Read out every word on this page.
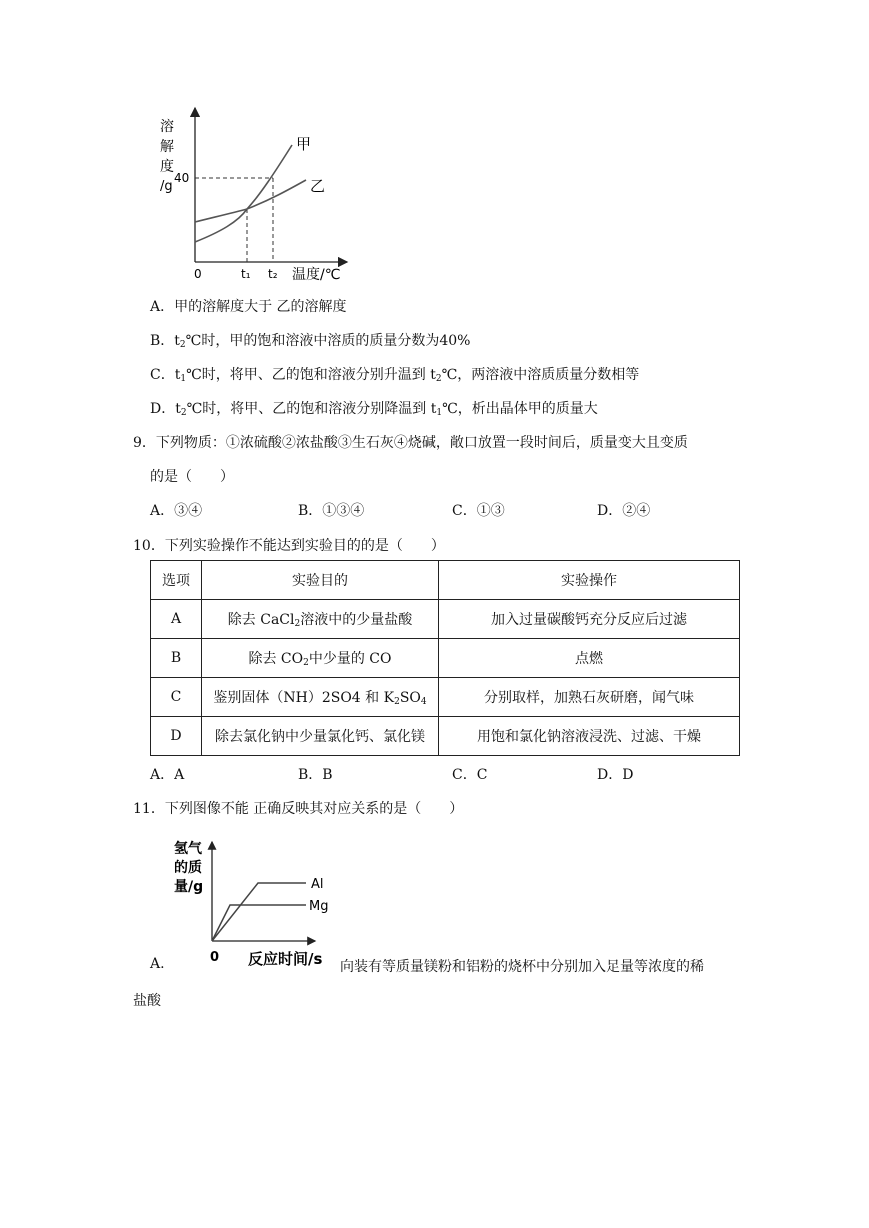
溶
解
度
/g
40
甲
乙
0	t₁ t₂ 温度/℃
A．甲的溶解度大于 乙的溶解度
B．$t_2℃$时，甲的饱和溶液中溶质的质量分数为40%
C．$t_1℃$时，将甲、乙的饱和溶液分别升温到 $t_2℃$，两溶液中溶质质量分数相等
D．$t_2℃$时，将甲、乙的饱和溶液分别降温到 $t_1℃$，析出晶体甲的质量大
9．下列物质：①浓硫酸②浓盐酸③生石灰④烧碱，敞口放置一段时间后，质量变大且变质
的是（　　）
A．③④	B．①③④	C．①③	D．②④
10．下列实验操作不能达到实验目的的是（　　）
选项	实验目的	实验操作
A	除去 CaCl$_2$溶液中的少量盐酸	加入过量碳酸钙充分反应后过滤
B	除去 $CO_2$中少量的 CO	点燃
C	鉴别固体（NH）2SO4 和 $K_2SO_4$	分别取样，加熟石灰研磨，闻气味
D	除去氯化钠中少量氯化钙、氯化镁	用饱和氯化钠溶液浸洗、过滤、干燥
A．A	B．B	C．C	D．D
11．下列图像不能 正确反映其对应关系的是（　　）
氢气
的质
量/g	Al
Mg
0 反应时间/s
A.	向装有等质量镁粉和铝粉的烧杯中分别加入足量等浓度的稀
盐酸
